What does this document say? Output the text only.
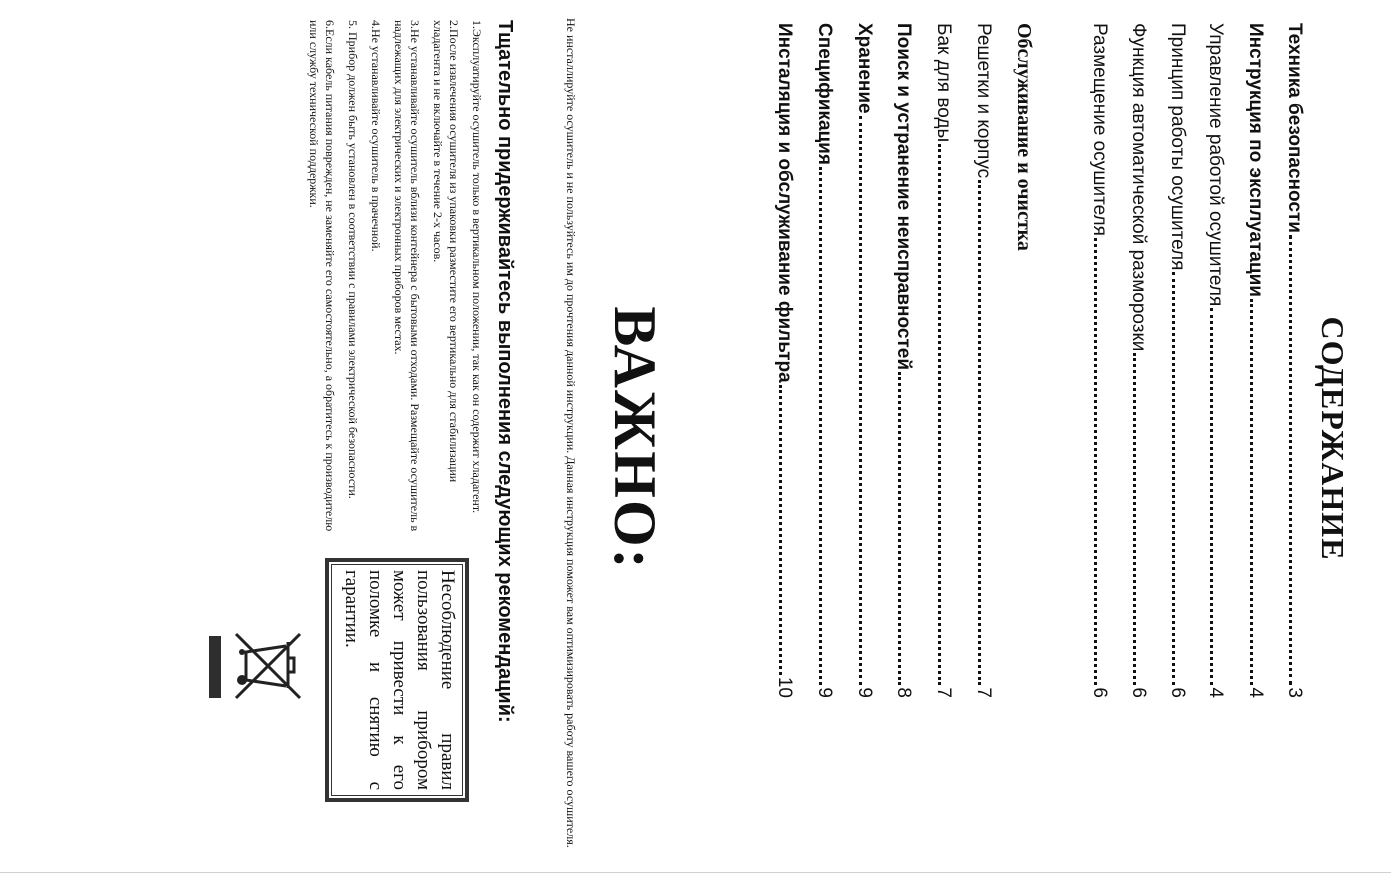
СОДЕРЖАНИЕ
Техника безопасности
3
Инструкция по эксплуатации
4
Управление работой осушителя
4
Принцип работы осушителя
6
Функция автоматической разморозки
6
Размещение осушителя
6
Обслуживание и очистка
Решетки и корпус
7
Бак для воды
7
Поиск и устранение неисправностей
8
Хранение
9
Спецификация
9
Инсталяция и обслуживание фильтра
10
ВАЖНО:
Не инсталлируйте осушитель и не пользуйтесь им до прочтения данной инструкции. Данная инструкция поможет вам оптимизировать работу вашего осушителя.
Тщательно придерживайтесь выполнения следующих рекомендаций:
1.Эксплуатируйте осушитель только в вертикальном положении, так как он содержит хладагент.
2.После извлечения осушителя из упаковки разместите его вертикально для стабилизации хладагента и не включайте в течение 2-х часов.
3.Не устанавливайте осушитель вблизи контейнера с бытовыми отходами. Размещайте осушитель в надлежащих для электрических и электронных приборов местах.
4.Не устанавливайте осушитель в прачечной.
5. Прибор должен быть установлен в соответствии с правилами электрической безопасности.
6.Если кабель питания поврежден, не заменяйте его самостоятельно, а обратитесь к производителю или службу технической поддержки.
Несоблюдение правил пользования прибором может привести к его поломке и снятию с гарантии.
